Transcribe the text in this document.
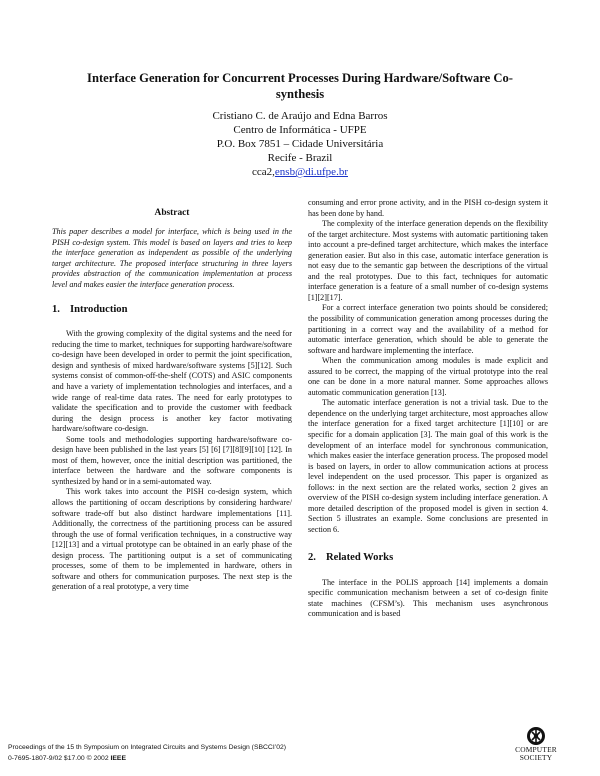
Interface Generation for Concurrent Processes During Hardware/Software Co-
synthesis
Cristiano C. de Araújo and Edna Barros
Centro de Informática - UFPE
P.O. Box 7851 – Cidade Universitária
Recife - Brazil
cca2,ensb@di.ufpe.br
Abstract

This paper describes a model for interface, which is being used in the PISH co-design system. This model is based on layers and tries to keep the interface generation as independent as possible of the underlying target architecture. The proposed interface structuring in three layers provides abstraction of the communication implementation at process level and makes easier the interface generation process.

1. Introduction

With the growing complexity of the digital systems and the need for reducing the time to market, techniques for supporting hardware/software co-design have been developed in order to permit the joint specification, design and synthesis of mixed hardware/software systems [5][12]. Such systems consist of common-off-the-shelf (COTS) and ASIC components and have a variety of implementation technologies and interfaces, and a wide range of real-time data rates. The need for early prototypes to validate the specification and to provide the customer with feedback during the design process is another key factor motivating hardware/software co-design.

Some tools and methodologies supporting hardware/software co-design have been published in the last years [5] [6] [7][8][9][10] [12]. In most of them, however, once the initial description was partitioned, the interface between the hardware and the software components is synthesized by hand or in a semi-automated way.

This work takes into account the PISH co-design system, which allows the partitioning of occam descriptions by considering hardware/ software trade-off but also distinct hardware implementations [11]. Additionally, the correctness of the partitioning process can be assured through the use of formal verification techniques, in a constructive way [12][13] and a virtual prototype can be obtained in an early phase of the design process. The partitioning output is a set of communicating processes, some of them to be implemented in hardware, others in software and others for communication purposes. The next step is the generation of a real prototype, a very time

consuming and error prone activity, and in the PISH co-design system it has been done by hand.

The complexity of the interface generation depends on the flexibility of the target architecture. Most systems with automatic partitioning taken into account a pre-defined target architecture, which makes the interface generation easier. But also in this case, automatic interface generation is not easy due to the semantic gap between the descriptions of the virtual and the real prototypes. Due to this fact, techniques for automatic interface generation is a feature of a small number of co-design systems [1][2][17].

For a correct interface generation two points should be considered; the possibility of communication generation among processes during the partitioning in a correct way and the availability of a method for automatic interface generation, which should be able to generate the software and hardware implementing the interface.

When the communication among modules is made explicit and assured to be correct, the mapping of the virtual prototype into the real one can be done in a more natural manner. Some approaches allows automatic communication generation [13].

The automatic interface generation is not a trivial task. Due to the dependence on the underlying target architecture, most approaches allow the interface generation for a fixed target architecture [1][10] or are specific for a domain application [3]. The main goal of this work is the development of an interface model for synchronous communication, which makes easier the interface generation process. The proposed model is based on layers, in order to allow communication actions at process level independent on the used processor. This paper is organized as follows: in the next section are the related works, section 2 gives an overview of the PISH co-design system including interface generation. A more detailed description of the proposed model is given in section 4. Section 5 illustrates an example. Some conclusions are presented in section 6.

2. Related Works

The interface in the POLIS approach [14] implements a domain specific communication mechanism between a set of co-design finite state machines (CFSM’s). This mechanism uses asynchronous communication and is based

Proceedings of the 15 th Symposium on Integrated Circuits and Systems Design (SBCCI’02)
0-7695-1807-9/02 $17.00 © 2002 IEEE
COMPUTER
SOCIETY
